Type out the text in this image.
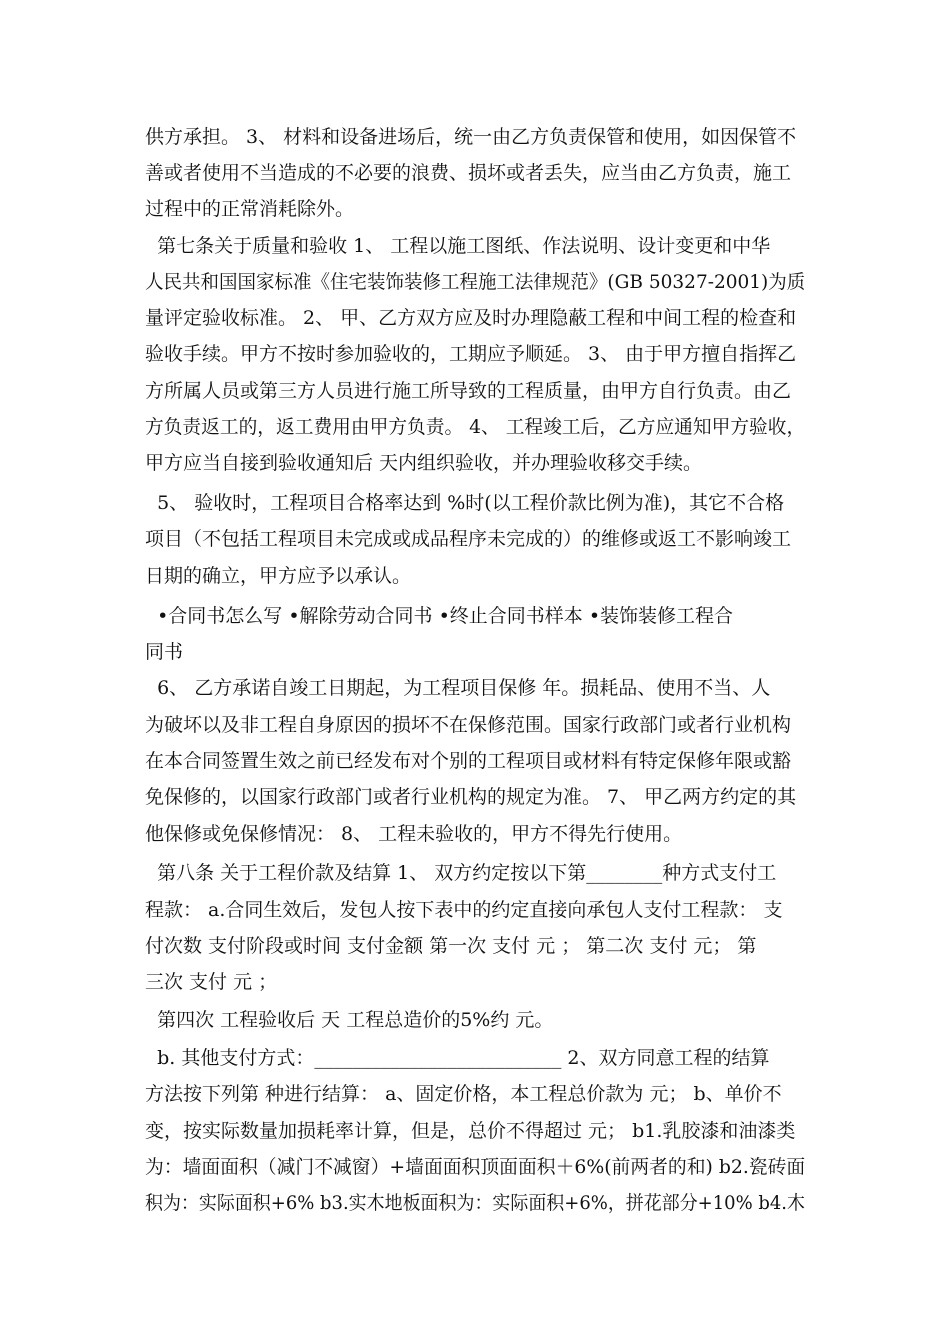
供方承担。 3、 材料和设备进场后，统一由乙方负责保管和使用，如因保管不
善或者使用不当造成的不必要的浪费、损坏或者丢失，应当由乙方负责，施工
过程中的正常消耗除外。
第七条关于质量和验收 1、 工程以施工图纸、作法说明、设计变更和中华
人民共和国国家标准《住宅装饰装修工程施工法律规范》(GB 50327-2001)为质
量评定验收标准。 2、 甲、乙方双方应及时办理隐蔽工程和中间工程的检查和
验收手续。甲方不按时参加验收的，工期应予顺延。 3、 由于甲方擅自指挥乙
方所属人员或第三方人员进行施工所导致的工程质量，由甲方自行负责。由乙
方负责返工的，返工费用由甲方负责。 4、 工程竣工后，乙方应通知甲方验收，
甲方应当自接到验收通知后 天内组织验收，并办理验收移交手续。
5、 验收时，工程项目合格率达到 %时(以工程价款比例为准)，其它不合格
项目（不包括工程项目未完成或成品程序未完成的）的维修或返工不影响竣工
日期的确立，甲方应予以承认。
•合同书怎么写 •解除劳动合同书 •终止合同书样本 •装饰装修工程合
同书
6、 乙方承诺自竣工日期起，为工程项目保修 年。损耗品、使用不当、人
为破坏以及非工程自身原因的损坏不在保修范围。国家行政部门或者行业机构
在本合同签置生效之前已经发布对个别的工程项目或材料有特定保修年限或豁
免保修的，以国家行政部门或者行业机构的规定为准。 7、 甲乙两方约定的其
他保修或免保修情况： 8、 工程未验收的，甲方不得先行使用。
第八条 关于工程价款及结算 1、 双方约定按以下第________种方式支付工
程款： a.合同生效后，发包人按下表中的约定直接向承包人支付工程款： 支
付次数 支付阶段或时间 支付金额 第一次 支付 元 ； 第二次 支付 元； 第
三次 支付 元 ；
第四次 工程验收后 天 工程总造价的5%约 元。
b. 其他支付方式：__________________________ 2、双方同意工程的结算
方法按下列第 种进行结算： a、固定价格，本工程总价款为 元； b、单价不
变，按实际数量加损耗率计算，但是，总价不得超过 元； b1.乳胶漆和油漆类
为：墙面面积（减门不减窗）+墙面面积顶面面积＋6%(前两者的和) b2.瓷砖面
积为：实际面积+6% b3.实木地板面积为：实际面积+6%，拼花部分+10% b4.木
